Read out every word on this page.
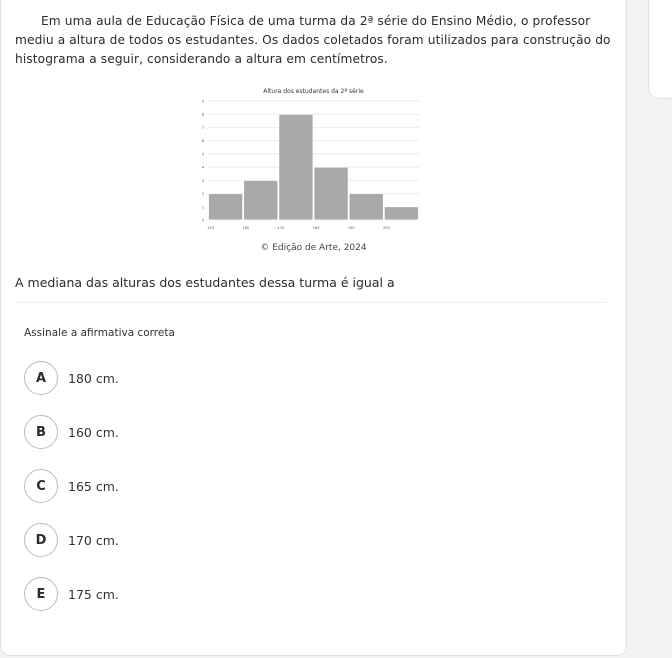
Em uma aula de Educação Física de uma turma da 2ª série do Ensino Médio, o professor mediu a altura de todos os estudantes. Os dados coletados foram utilizados para construção do histograma a seguir, considerando a altura em centímetros.

Altura dos estudantes da 2ª série
0
1
2
3
4
5
6
7
8
9
150	160	170	180	190	200
© Edição de Arte, 2024

A mediana das alturas dos estudantes dessa turma é igual a

Assinale a afirmativa correta

A	180 cm.
B	160 cm.
C	165 cm.
D	170 cm.
E	175 cm.
